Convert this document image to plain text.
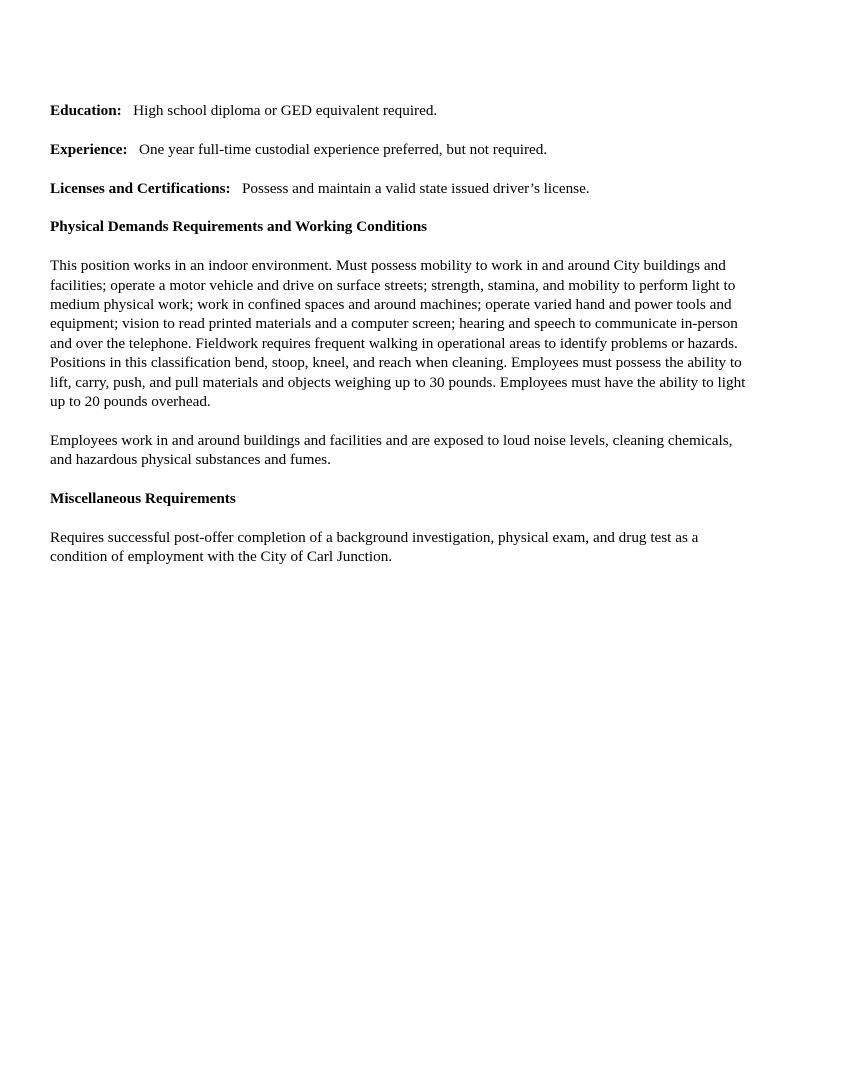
Education: High school diploma or GED equivalent required.

Experience: One year full-time custodial experience preferred, but not required.

Licenses and Certifications: Possess and maintain a valid state issued driver’s license.

Physical Demands Requirements and Working Conditions

This position works in an indoor environment. Must possess mobility to work in and around City buildings and facilities; operate a motor vehicle and drive on surface streets; strength, stamina, and mobility to perform light to medium physical work; work in confined spaces and around machines; operate varied hand and power tools and equipment; vision to read printed materials and a computer screen; hearing and speech to communicate in-person and over the telephone. Fieldwork requires frequent walking in operational areas to identify problems or hazards. Positions in this classification bend, stoop, kneel, and reach when cleaning. Employees must possess the ability to lift, carry, push, and pull materials and objects weighing up to 30 pounds. Employees must have the ability to light up to 20 pounds overhead.

Employees work in and around buildings and facilities and are exposed to loud noise levels, cleaning chemicals, and hazardous physical substances and fumes.

Miscellaneous Requirements

Requires successful post-offer completion of a background investigation, physical exam, and drug test as a condition of employment with the City of Carl Junction.
